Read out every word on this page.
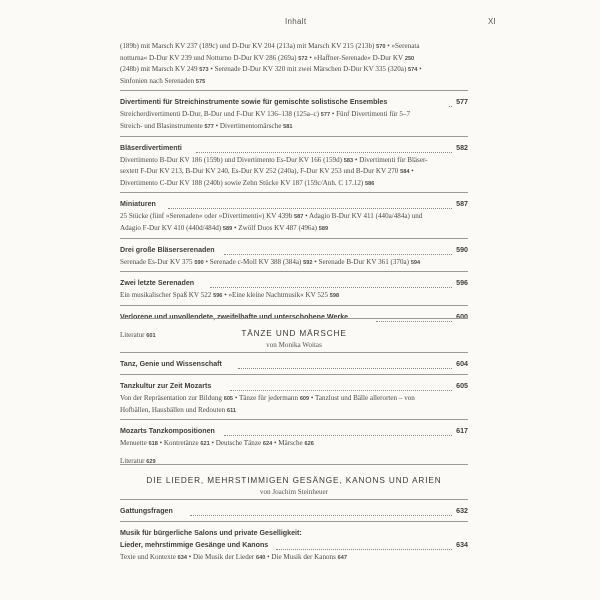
Inhalt	XI
(189b) mit Marsch KV 237 (189c) und D-Dur KV 204 (213a) mit Marsch KV 215 (213b) 570 • »Serenata
notturna« D-Dur KV 239 und Notturno D-Dur KV 286 (269a) 572 • »Haffner-Serenade« D-Dur KV 250
(248b) mit Marsch KV 249 573 • Serenade D-Dur KV 320 mit zwei Märschen D-Dur KV 335 (320a) 574 •
Sinfonien nach Serenaden 575
Divertimenti für Streichinstrumente sowie für gemischte solistische Ensembles	577
Streicherdivertimenti D-Dur, B-Dur und F-Dur KV 136–138 (125a–c) 577 • Fünf Divertimenti für 5–7
Streich- und Blasinstrumente 577 • Divertimentomärsche 581
Bläserdivertimenti	582
Divertimento B-Dur KV 186 (159b) und Divertimento Es-Dur KV 166 (159d) 583 • Divertimenti für Bläser-
sextett F-Dur KV 213, B-Dur KV 240, Es-Dur KV 252 (240a), F-Dur KV 253 und B-Dur KV 270 584 •
Divertimento C-Dur KV 188 (240b) sowie Zehn Stücke KV 187 (159c/Anh. C 17.12) 586
Miniaturen	587
25 Stücke (fünf »Serenaden« oder »Divertimenti«) KV 439b 587 • Adagio B-Dur KV 411 (440a/484a) und
Adagio F-Dur KV 410 (440d/484d) 589 • Zwölf Duos KV 487 (496a) 589
Drei große Bläserserenaden	590
Serenade Es-Dur KV 375 590 • Serenade c-Moll KV 388 (384a) 592 • Serenade B-Dur KV 361 (370a) 594
Zwei letzte Serenaden	596
Ein musikalischer Spaß KV 522 596 • »Eine kleine Nachtmusik« KV 525 598
Verlorene und unvollendete, zweifelhafte und unterschobene Werke	600
Literatur 601	TÄNZE UND MÄRSCHE
von Monika Woitas
Tanz, Genie und Wissenschaft	604
Tanzkultur zur Zeit Mozarts	605
Von der Repräsentation zur Bildung 605 • Tänze für jedermann 609 • Tanzlust und Bälle allerorten – von
Hofbällen, Hausbällen und Redouten 611
Mozarts Tanzkompositionen	617
Menuette 618 • Kontretänze 621 • Deutsche Tänze 624 • Märsche 626
Literatur 629
DIE LIEDER, MEHRSTIMMIGEN GESÄNGE, KANONS UND ARIEN
von Joachim Steinheuer
Gattungsfragen	632
Musik für bürgerliche Salons und private Geselligkeit:
Lieder, mehrstimmige Gesänge und Kanons	634
Texte und Kontexte 634 • Die Musik der Lieder 640 • Die Musik der Kanons 647
